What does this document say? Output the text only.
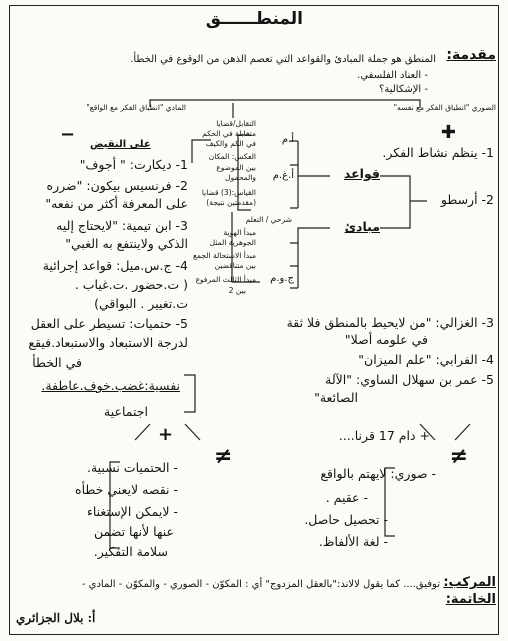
المنطــــــق
مقدمة:
المنطق هو جملة المبادئ والقواعد التي تعصم الذهن من الوقوع في الخطأ.
- العناد الفلسفي.
- الإشكالية؟
الصوري "انطباق الفكر مع نفسه"
المادي "انطباق الفكر مع الواقع"
✚
−
1- ينظم نشاط الفكر.
2- أرسطو
قواعد
مبادئ
3- الغزالي: "من لايحيط بالمنطق فلا ثقة
في علومه أصلا"
4- الفرابي: "علم الميزان"
5- عمر بن سهلال الساوي: "الآلة
الصائعة"
التقابل/قضايا
متقابلة في الحكم
في الكم والكيف
العكس: المكان
بين الموضوع
والمحمول
القياس:(3) قضايا
(مقدمتين نتيجة)
مبدأ الهوية
الجوهرية المثل
مبدأ الاستحالة الجمع
بين متناقضين
مبدأ الثالث المرفوع
بين 2
أ.م
أ.غ.م
ج.و.م
شرحي / التعلم
على النقيض
1- ديكارت: " أجوف"
2- فرنسيس بيكون: "ضرره
على المعرفة أكثر من نفعه"
3- ابن تيمية: "لايحتاج إليه
الذكي ولاينتفع به الغبي"
4- ج.س.ميل: قواعد إجرائية
( ت.حضور .ت.غياب .
ت.تغيير . البواقي)
5- حتميات: تسيطر على العقل
لدرجة الاستبعاد والاستبعاد.فيقع
في الخطأ
نفسية:غضب.خوف.عاطفة.
اجتماعية
+ دام 17 قرنا....
≠
- صوري: لايهتم بالواقع
- عقيم .
- تحصيل حاصل.
- لغة الألفاظ.
+
≠
- الحتميات نسبية.
- نقصه لايعني خطأه
- لايمكن الإستغناء
عنها لأنها تضمن
سلامة التفكير.
المركب:
توفيق.... كما يقول لالاند:"بالعقل المزدوج" أي : المكوّن - الصوري - والمكوّن - المادي -
الخاتمة:
أ: بلال الجزائري
